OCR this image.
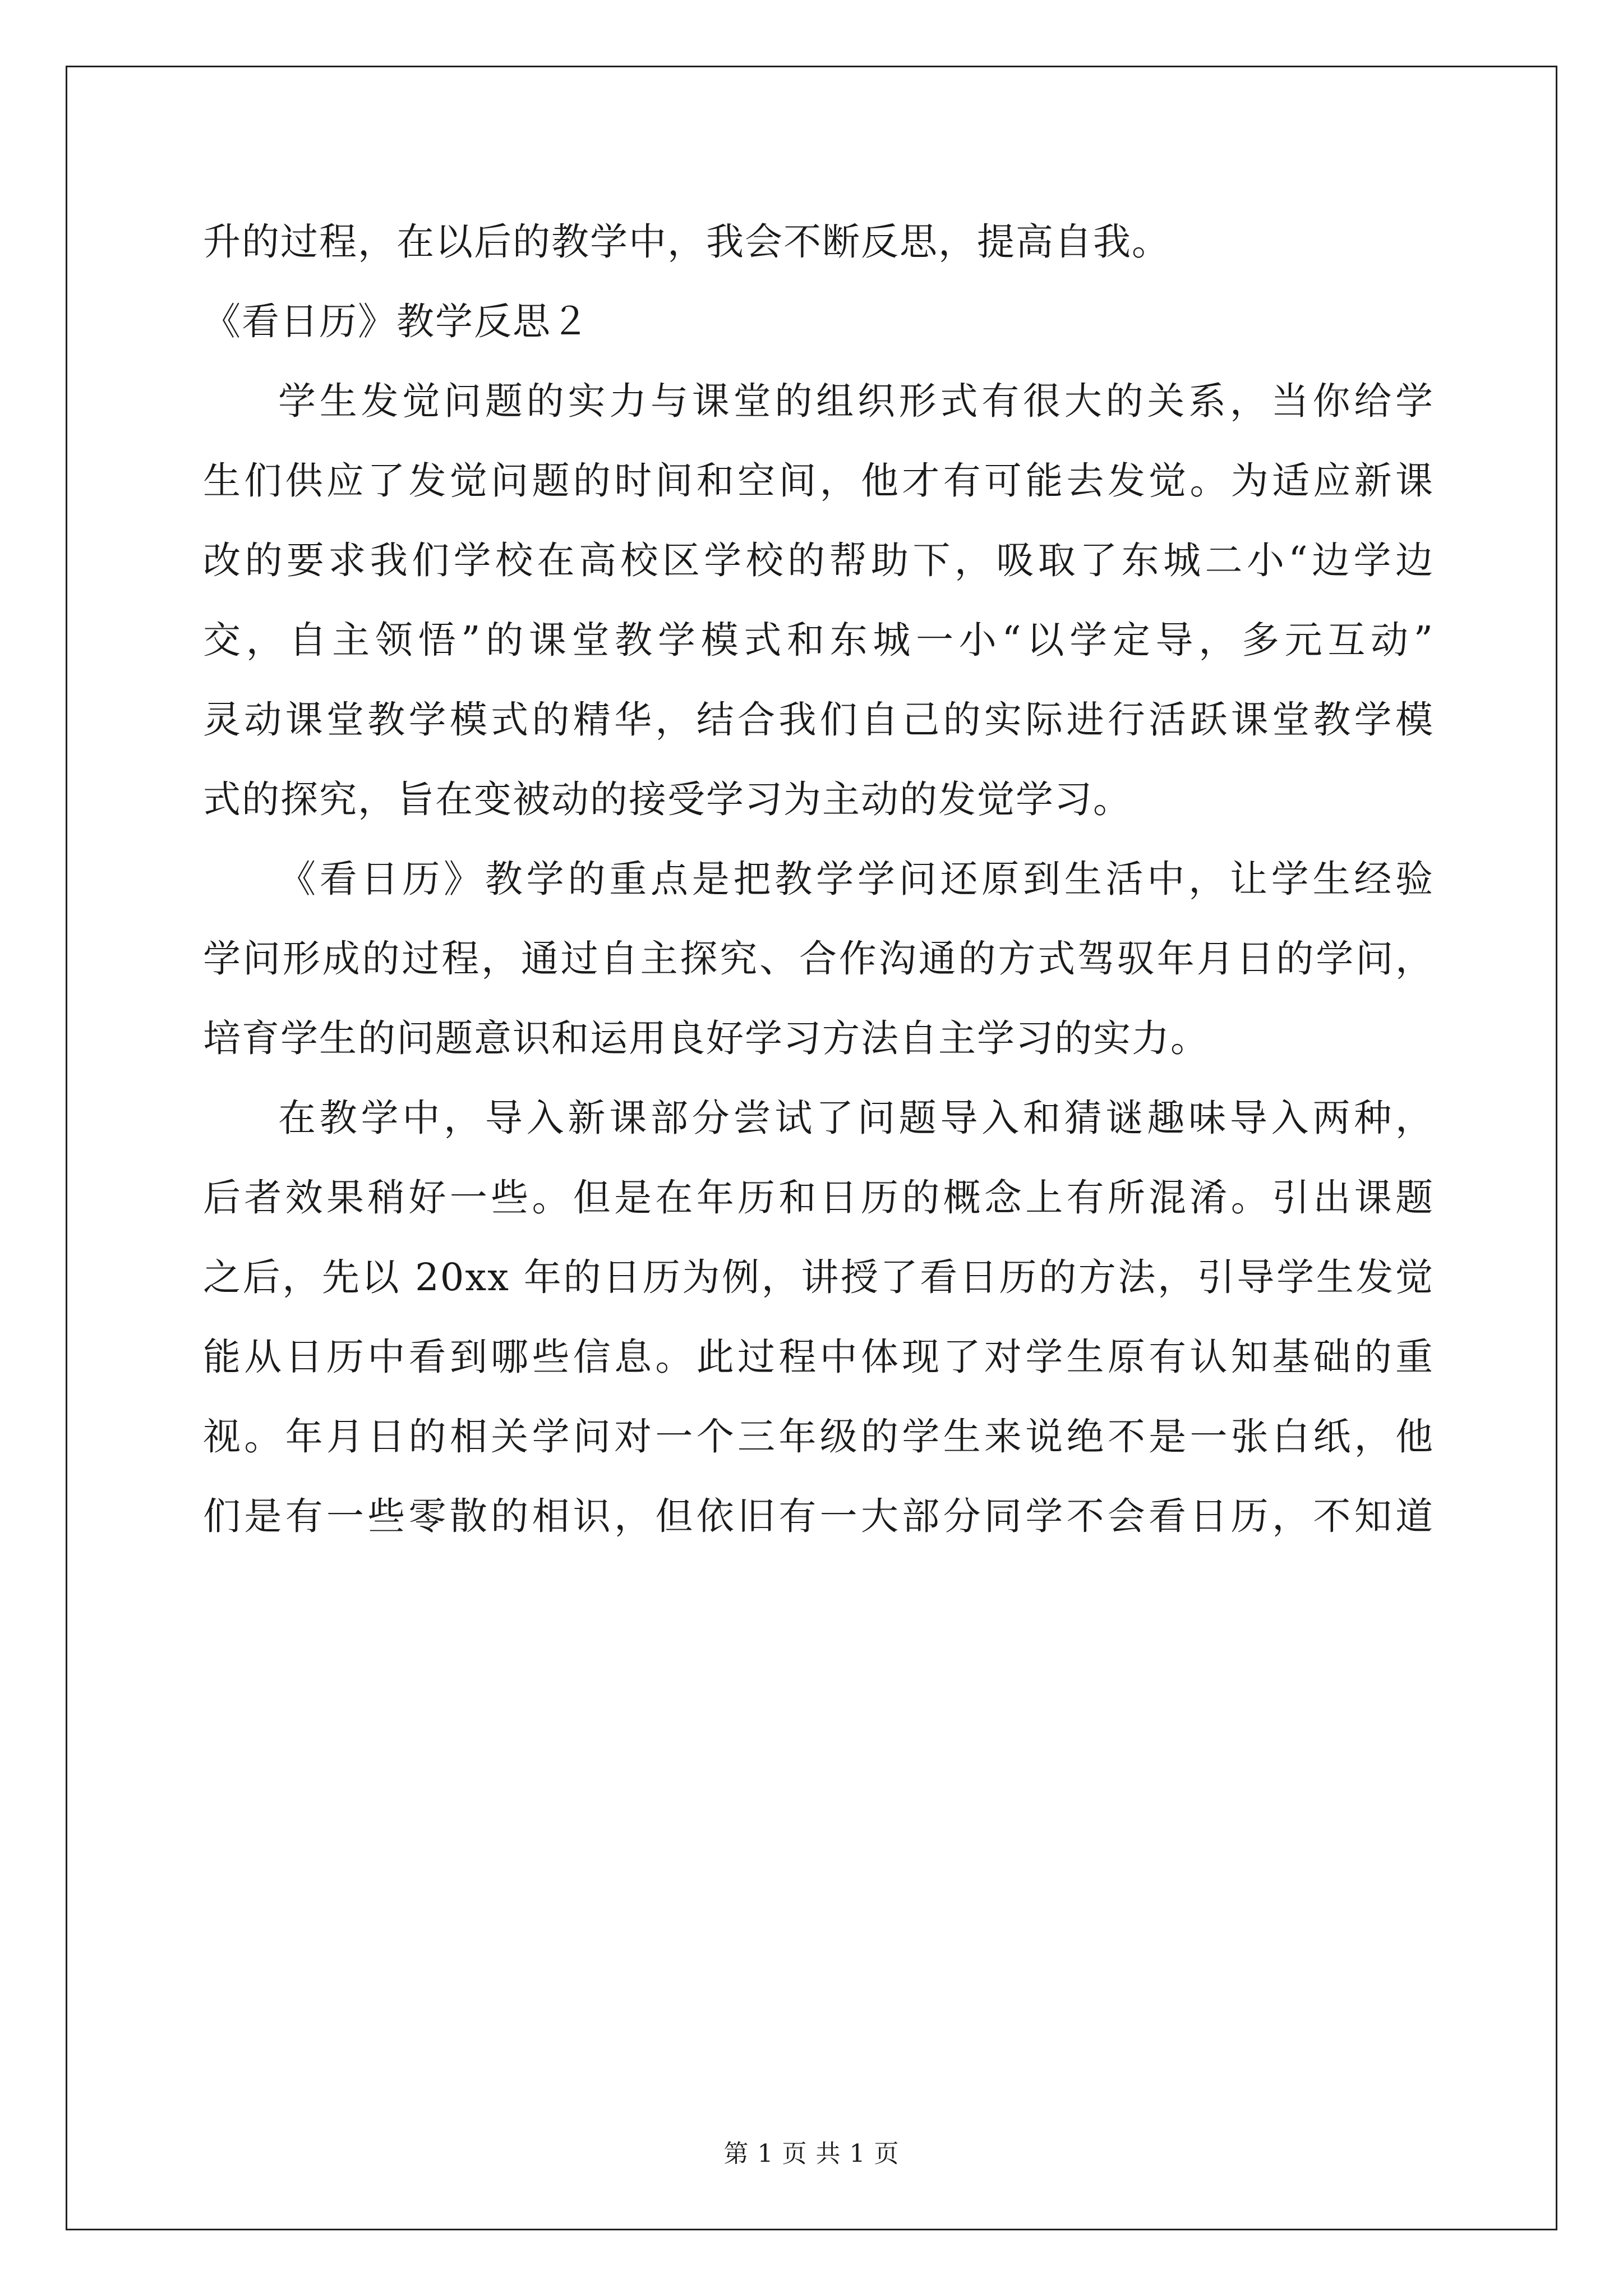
升的过程，在以后的教学中，我会不断反思，提高自我。
《看日历》教学反思２
学生发觉问题的实力与课堂的组织形式有很大的关系，当你给学
生们供应了发觉问题的时间和空间，他才有可能去发觉。为适应新课
改的要求我们学校在高校区学校的帮助下，吸取了东城二小“边学边
交，自主领悟”的课堂教学模式和东城一小“以学定导，多元互动”
灵动课堂教学模式的精华，结合我们自己的实际进行活跃课堂教学模
式的探究，旨在变被动的接受学习为主动的发觉学习。
《看日历》教学的重点是把教学学问还原到生活中，让学生经验
学问形成的过程，通过自主探究、合作沟通的方式驾驭年月日的学问，
培育学生的问题意识和运用良好学习方法自主学习的实力。
在教学中，导入新课部分尝试了问题导入和猜谜趣味导入两种，
后者效果稍好一些。但是在年历和日历的概念上有所混淆。引出课题
之后，先以 20xx 年的日历为例，讲授了看日历的方法，引导学生发觉
能从日历中看到哪些信息。此过程中体现了对学生原有认知基础的重
视。年月日的相关学问对一个三年级的学生来说绝不是一张白纸，他
们是有一些零散的相识，但依旧有一大部分同学不会看日历，不知道
第 1 页 共 1 页
